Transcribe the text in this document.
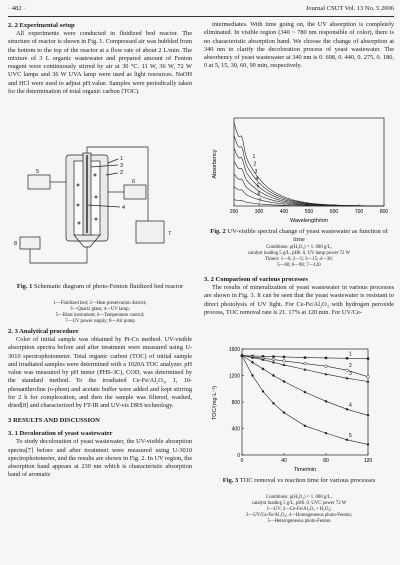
· 482 ·	Journal CSUT Vol. 13 No. 5 2006
2. 2 Experimental setup
All experiments were conducted in fluidized bed reactor. The structure of reactor is shown in Fig. 1. Compressed air was bubbled from the bottom to the top of the reactor at a flow rate of about 2 L/min. The mixture of 3 L organic wastewater and prepared amount of Fenton reagent were continuously stirred by air at 30 °C. 11 W, 36 W, 72 W UVC lamps and 36 W UVA lamp were used as light resources. NaOH and HCl were used to adjust pH value. Samples were periodically taken for the determination of total organic carbon (TOC).
1
2
3
4
5
6
7
8
Fig. 1 Schematic diagram of photo-Fenton fluidized bed reactor
1—Fluidized bed; 2—Heat preservation district;
3—Quartz glass; 4—UV lamp;
5—Blast instrument; 6—Temperature control;
7—UV power supply; 8—Air pump
2. 3 Analytical procedure
Color of initial sample was obtained by Pt-Co method. UV-visible absorption spectra before and after treatment were measured using U-3010 spectrophotometer. Total organic carbon (TOC) of initial sample and irradiated samples were determined with a 1020A TOC analyzer. pH value was measured by pH meter (PHS-3C), COD, was determined by the standard method. To the irradiated Ce-Fe/Al₂O₃, 1, 10-phenanthroline (o-phen) and acetate buffer were added and kept stirring for 2 h for complexation, and then the sample was filtered, washed, dried[8] and characterized by FT-IR and UV-vis DRS technology.
3 RESULTS AND DISCUSSION
3. 1 Decoloration of yeast wastewater
To study decoloration of yeast wastewater, the UV-visible absorption spectra[7] before and after treatment were measured using U-3010 spectrophotometer, and the results are shown in Fig. 2. In UV region, the absorption band appears at 230 nm which is characteristic absorption band of aromatic
intermediates. With time going on, the UV absorption is completely eliminated. In visible region (340 ~ 780 nm responsible of color), there is no characteristic absorption band. We choose the change of absorption at 340 nm to clarify the decoloration process of yeast wastewater. The absorbency of yeast wastewater at 340 nm is 0. 608, 0. 440, 0. 275, 0. 180, 0 at 5, 15, 30, 60, 90 min, respectively.
1
2
3
4
5
6
7
200	300	400	500	600	700	800
Absorbency
Wavelength/nm
Fig. 2 UV-visible spectral change of yeast wastewater as function of time
Conditions: ρ(H₂O₂) = 1. 000 g/L,
catalyst loading 5 g/L, pH6. 0, UV lamp power 72 W
Time/s: 1—0; 2—5; 3—15; 4—30;
5—60; 6—90; 7—120
3. 2 Comparison of various processes
The results of mineralization of yeast wastewater in various processes are shown in Fig. 3. It can be seen that the yeast wastewater is resistant to direct photolysis of UV light. For Ce-Fe/Al₂O₃ with hydrogen peroxide process, TOC removal rate is 21. 17% at 120 min. For UV/Ce-
1
2
3
4
5
0	40	80	120
0
400
800
1200
1600
TOC/(mg·L⁻¹)
Time/min
Fig. 3 TOC removal vs reaction time for various processes
Conditions: ρ(H₂O₂) = 1. 000 g/L,
catalyst loading 5 g/L, pH6. 0, UVC power 72 W
1—UV; 2—Ce-Fe/Al₂O₃ + H₂O₂;
3—UV/Ce-Fe/Al₂O₃; 4—Homogeneous photo-Fenton;
5—Heterogeneous photo-Fenton
